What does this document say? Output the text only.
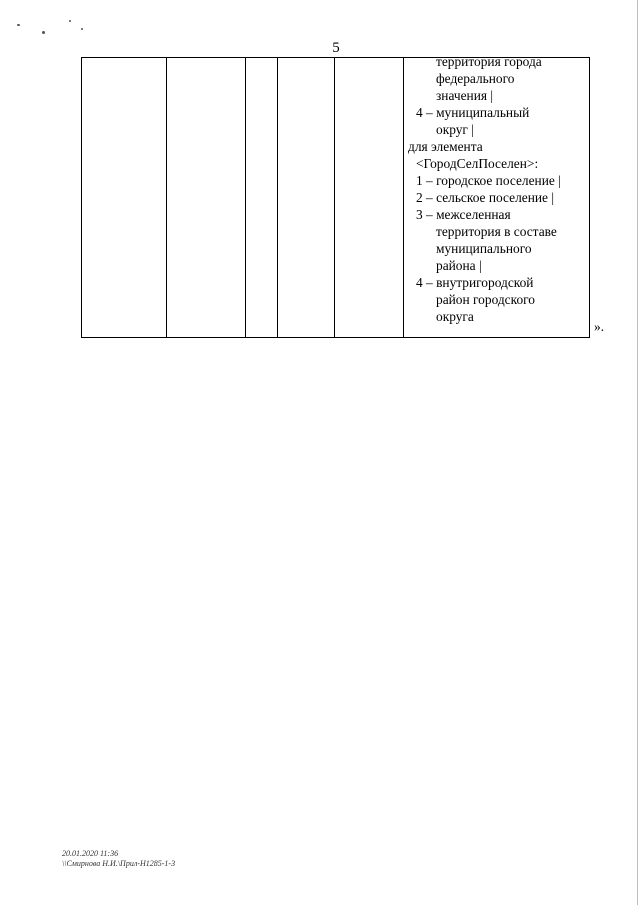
5

территория города
федерального
значения |
4 – муниципальный
округ |
для элемента
<ГородСелПоселен>:
1 – городское поселение |
2 – сельское поселение |
3 – межселенная
территория в составе
муниципального
района |
4 – внутригородской
район городского
округа
».
20.01.2020 11:36
\\Смирнова Н.И.\Прил-Н1285-1-3
